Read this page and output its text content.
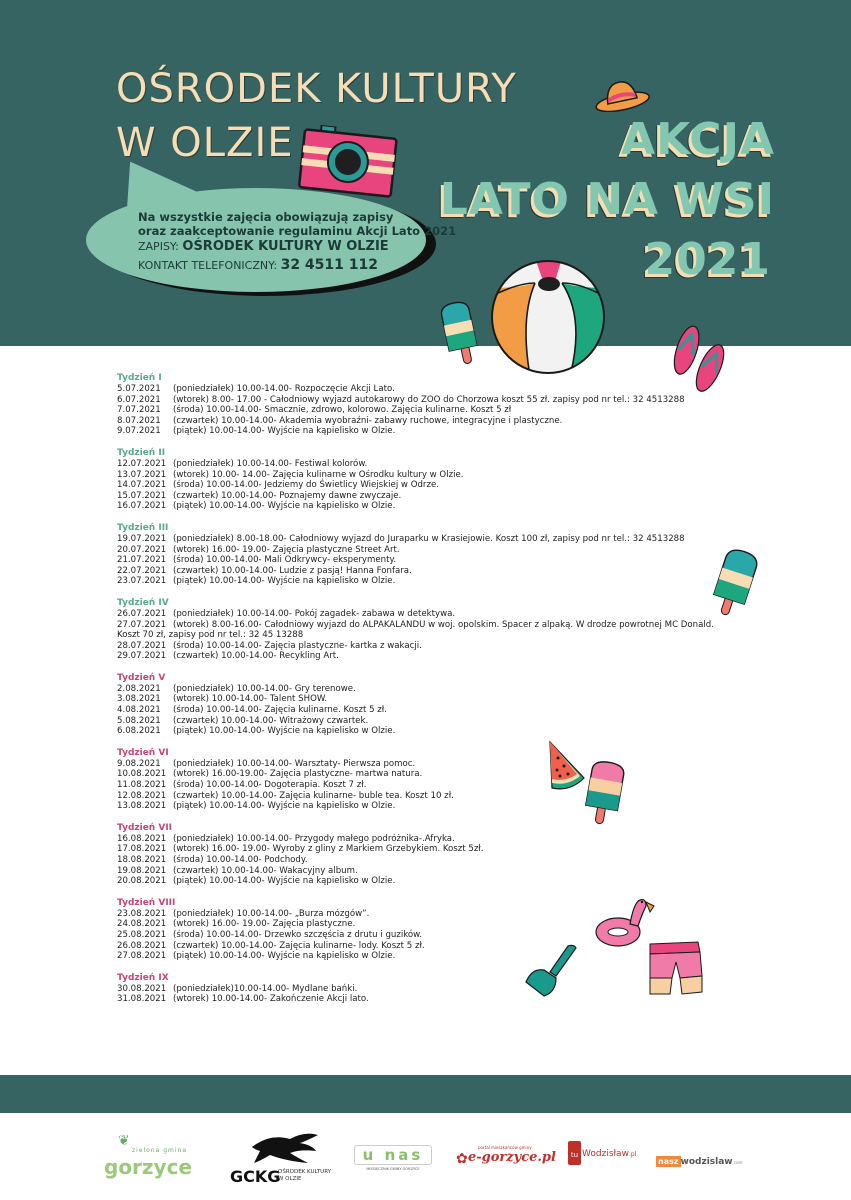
OŚRODEK KULTURY
W OLZIE
Na wszystkie zajęcia obowiązują zapisy
oraz zaakceptowanie regulaminu Akcji Lato 2021
ZAPISY: OŚRODEK KULTURY W OLZIE
KONTAKT TELEFONICZNY: 32 4511 112
AKCJA
LATO NA WSI
2021
Tydzień I
5.07.2021	(poniedziałek) 10.00-14.00- Rozpoczęcie Akcji Lato.
6.07.2021	(wtorek) 8.00- 17.00 - Całodniowy wyjazd autokarowy do ZOO do Chorzowa koszt 55 zł. zapisy pod nr tel.: 32 4513288
7.07.2021	(środa) 10.00-14.00- Smacznie, zdrowo, kolorowo. Zajęcia kulinarne. Koszt 5 zł
8.07.2021	(czwartek) 10.00-14.00- Akademia wyobraźni- zabawy ruchowe, integracyjne i plastyczne.
9.07.2021	(piątek) 10.00-14.00- Wyjście na kąpielisko w Olzie.
Tydzień II
12.07.2021 (poniedziałek) 10.00-14.00- Festiwal kolorów.
13.07.2021 (wtorek) 10.00- 14.00- Zajęcia kulinarne w Ośrodku kultury w Olzie.
14.07.2021 (środa) 10.00-14.00- Jedziemy do Świetlicy Wiejskiej w Odrze.
15.07.2021 (czwartek) 10.00-14.00- Poznajemy dawne zwyczaje.
16.07.2021 (piątek) 10.00-14.00- Wyjście na kąpielisko w Olzie.
Tydzień III
19.07.2021 (poniedziałek) 8.00-18.00- Całodniowy wyjazd do Juraparku w Krasiejowie. Koszt 100 zł, zapisy pod nr tel.: 32 4513288
20.07.2021 (wtorek) 16.00- 19.00- Zajęcia plastyczne Street Art.
21.07.2021 (środa) 10.00-14.00- Mali Odkrywcy- eksperymenty.
22.07.2021 (czwartek) 10.00-14.00- Ludzie z pasją! Hanna Fonfara.
23.07.2021 (piątek) 10.00-14.00- Wyjście na kąpielisko w Olzie.
Tydzień IV
26.07.2021 (poniedziałek) 10.00-14.00- Pokój zagadek- zabawa w detektywa.
27.07.2021 (wtorek) 8.00-16.00- Całodniowy wyjazd do ALPAKALANDU w woj. opolskim. Spacer z alpaką. W drodze powrotnej MC Donald.
Koszt 70 zł, zapisy pod nr tel.: 32 45 13288
28.07.2021 (środa) 10.00-14.00- Zajęcia plastyczne- kartka z wakacji.
29.07.2021 (czwartek) 10.00-14.00- Recykling Art.
Tydzień V
2.08.2021	(poniedziałek) 10.00-14.00- Gry terenowe.
3.08.2021	(wtorek) 10.00-14.00- Talent SHOW.
4.08.2021	(środa) 10.00-14.00- Zajęcia kulinarne. Koszt 5 zł.
5.08.2021	(czwartek) 10.00-14.00- Witrażowy czwartek.
6.08.2021	(piątek) 10.00-14.00- Wyjście na kąpielisko w Olzie.
Tydzień VI
9.08.2021	(poniedziałek) 10.00-14.00- Warsztaty- Pierwsza pomoc.
10.08.2021 (wtorek) 16.00-19.00- Zajęcia plastyczne- martwa natura.
11.08.2021 (środa) 10.00-14.00- Dogoterapia. Koszt 7 zł.
12.08.2021 (czwartek) 10.00-14.00- Zajęcia kulinarne- buble tea. Koszt 10 zł.
13.08.2021 (piątek) 10.00-14.00- Wyjście na kąpielisko w Olzie.
Tydzień VII
16.08.2021 (poniedziałek) 10.00-14.00- Przygody małego podróżnika-.Afryka.
17.08.2021 (wtorek) 16.00- 19.00- Wyroby z gliny z Markiem Grzebykiem. Koszt 5zł.
18.08.2021 (środa) 10.00-14.00- Podchody.
19.08.2021 (czwartek) 10.00-14.00- Wakacyjny album.
20.08.2021 (piątek) 10.00-14.00- Wyjście na kąpielisko w Olzie.
Tydzień VIII
23.08.2021 (poniedziałek) 10.00-14.00- „Burza mózgów”.
24.08.2021 (wtorek) 16.00- 19.00- Zajęcia plastyczne.
25.08.2021 (środa) 10.00-14.00- Drzewko szczęścia z drutu i guzików.
26.08.2021 (czwartek) 10.00-14.00- Zajęcia kulinarne- lody. Koszt 5 zł.
27.08.2021 (piątek) 10.00-14.00- Wyjście na kąpielisko w Olzie.
Tydzień IX
30.08.2021 (poniedziałek)10.00-14.00- Mydlane bańki.
31.08.2021 (wtorek) 10.00-14.00- Zakończenie Akcji lato.
zielona gmina
gorzyce
❦
GCKG
OŚRODEK KULTURY W OLZIE
u nas
MIESIĘCZNIK GMINY GORZYCE
✿
portal mieszkańców gminy
e-gorzyce.pl	tu Wodzisław.pl
nasz wodzislaw.com
